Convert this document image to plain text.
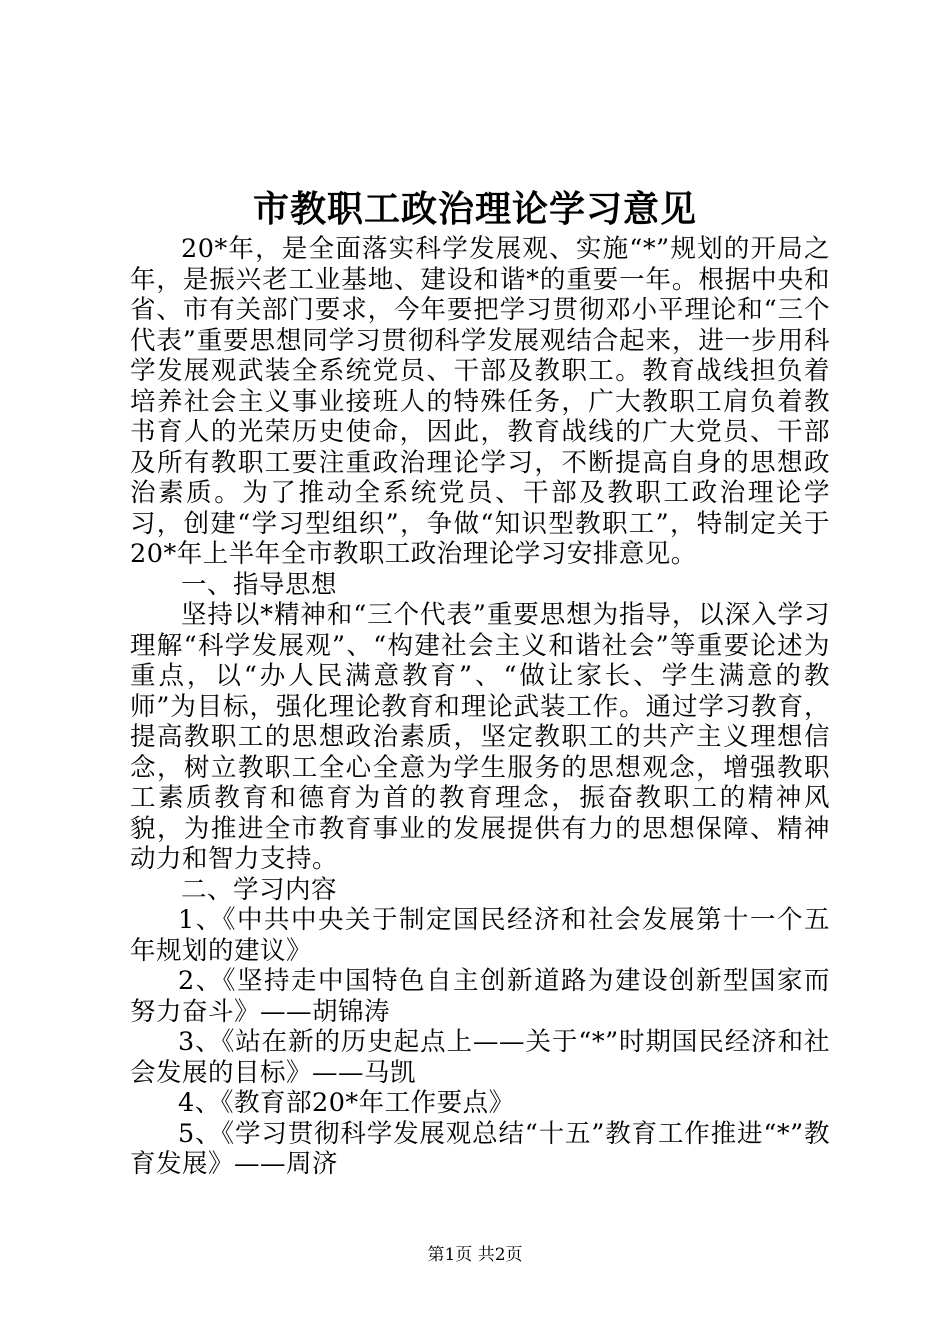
市教职工政治理论学习意见

20*年，是全面落实科学发展观、实施“*”规划的开局之年，是振兴老工业基地、建设和谐*的重要一年。根据中央和省、市有关部门要求，今年要把学习贯彻邓小平理论和“三个代表”重要思想同学习贯彻科学发展观结合起来，进一步用科学发展观武装全系统党员、干部及教职工。教育战线担负着培养社会主义事业接班人的特殊任务，广大教职工肩负着教书育人的光荣历史使命，因此，教育战线的广大党员、干部及所有教职工要注重政治理论学习，不断提高自身的思想政治素质。为了推动全系统党员、干部及教职工政治理论学习，创建“学习型组织”，争做“知识型教职工”，特制定关于20*年上半年全市教职工政治理论学习安排意见。

一、指导思想

坚持以*精神和“三个代表”重要思想为指导，以深入学习理解“科学发展观”、“构建社会主义和谐社会”等重要论述为重点，以“办人民满意教育”、“做让家长、学生满意的教师”为目标，强化理论教育和理论武装工作。通过学习教育，提高教职工的思想政治素质，坚定教职工的共产主义理想信念，树立教职工全心全意为学生服务的思想观念，增强教职工素质教育和德育为首的教育理念，振奋教职工的精神风貌，为推进全市教育事业的发展提供有力的思想保障、精神动力和智力支持。

二、学习内容

1、《中共中央关于制定国民经济和社会发展第十一个五年规划的建议》

2、《坚持走中国特色自主创新道路为建设创新型国家而努力奋斗》——胡锦涛

3、《站在新的历史起点上——关于“*”时期国民经济和社会发展的目标》——马凯

4、《教育部20*年工作要点》

5、《学习贯彻科学发展观总结“十五”教育工作推进“*”教育发展》——周济

第1页 共2页
